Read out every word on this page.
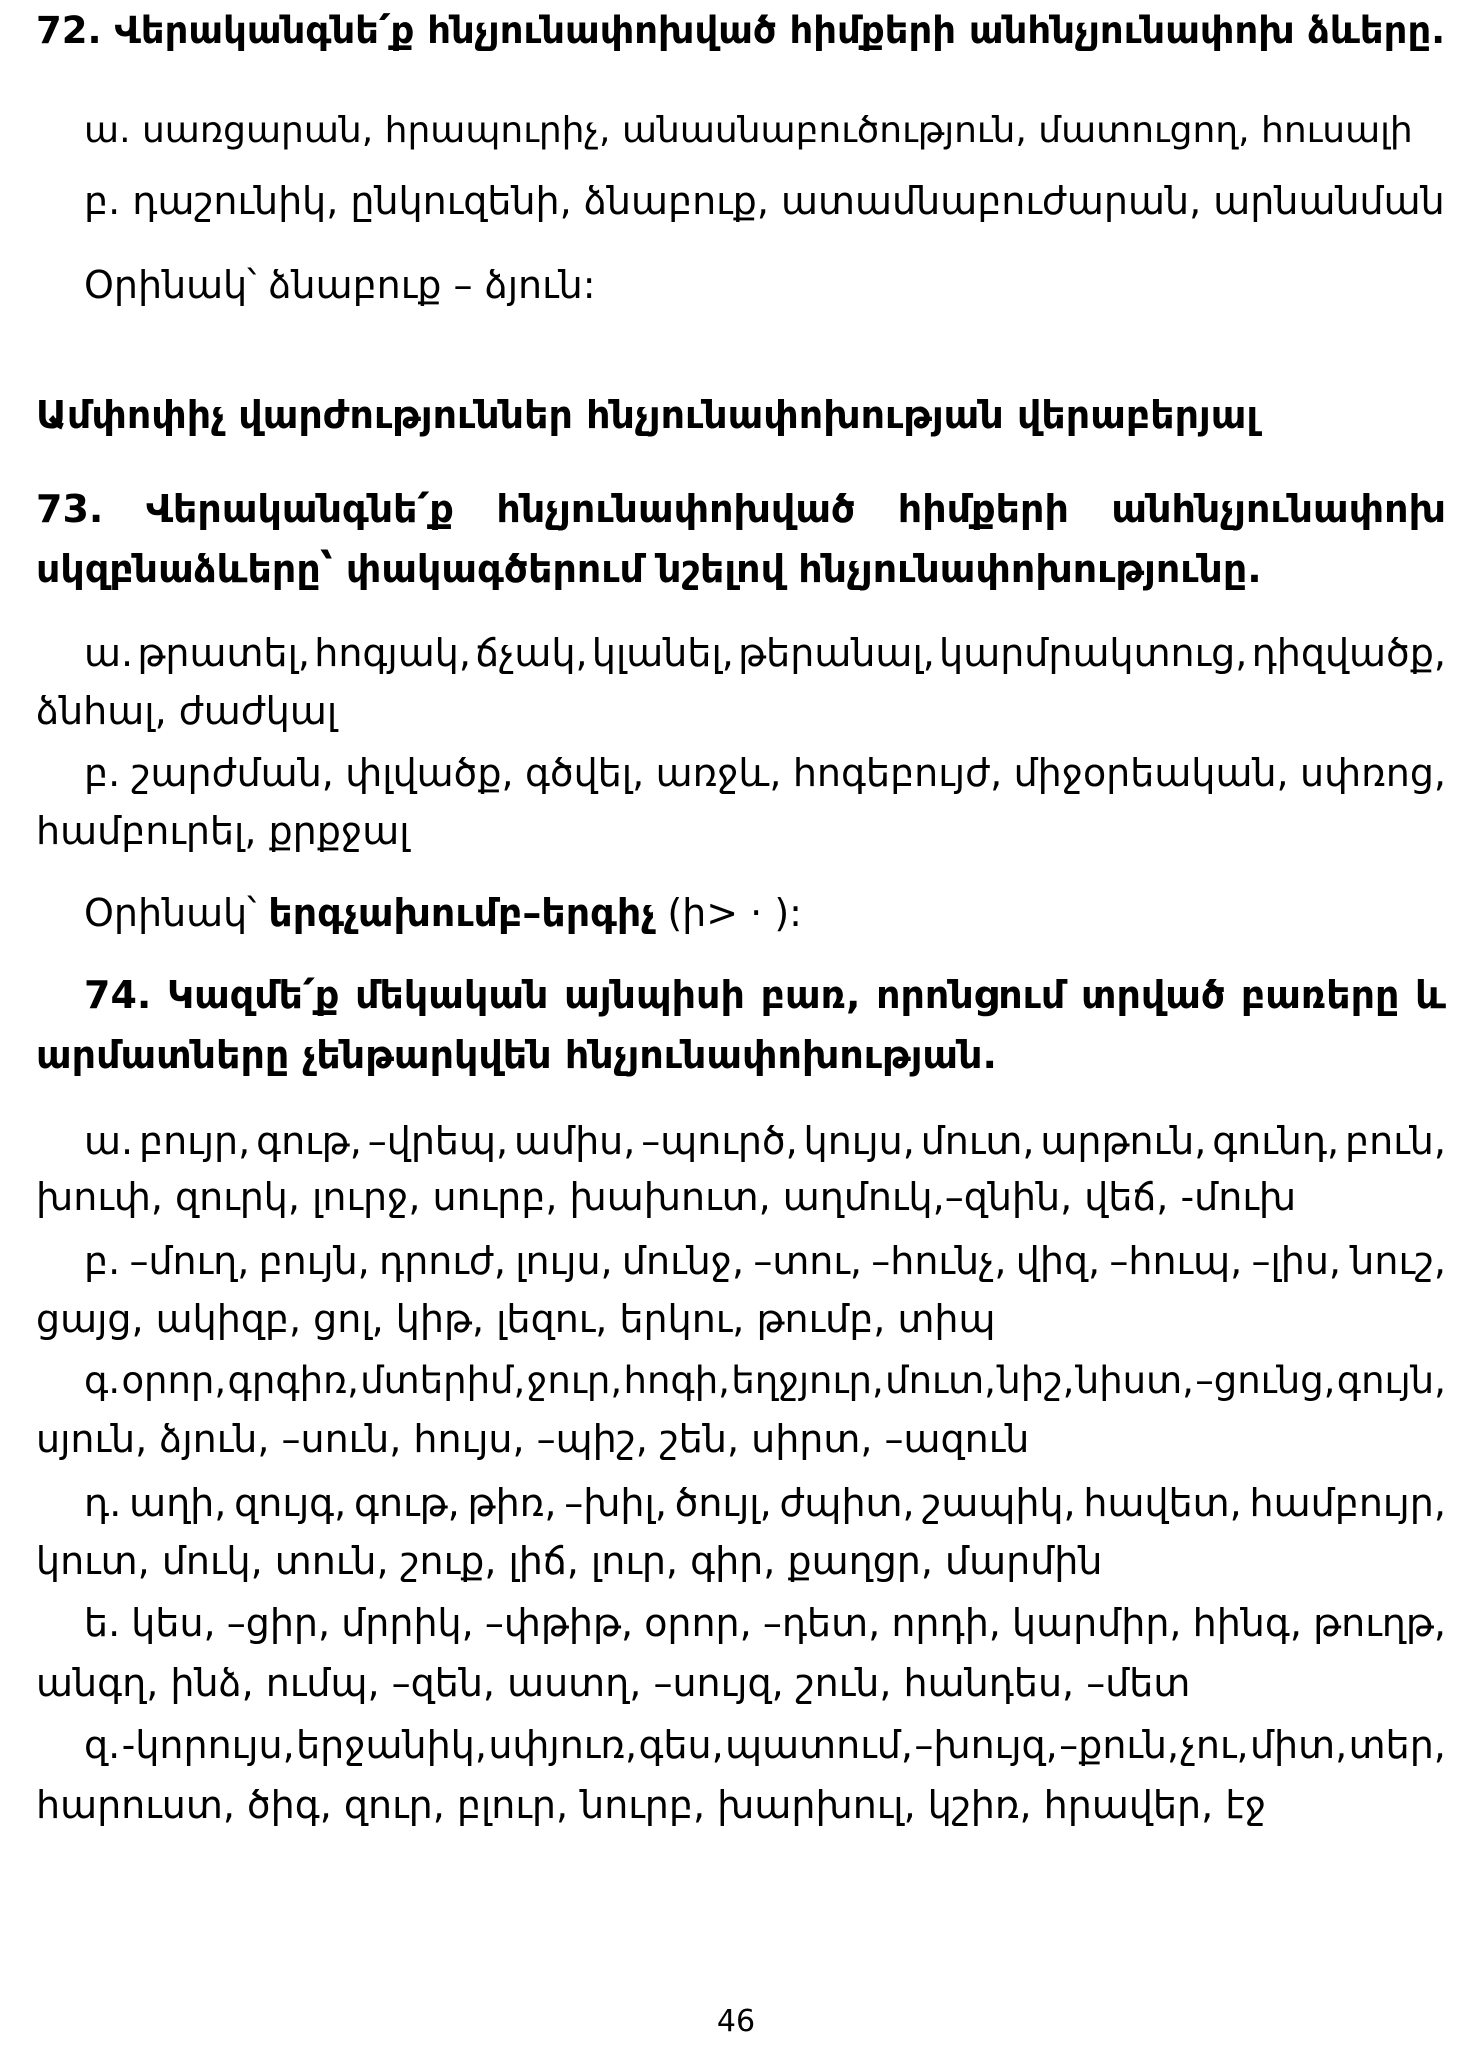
72. Վերականգնե՛ք հնչյունափոխված հիմքերի անհնչյունափոխ ձևերը.
ա. սառցարան, հրապուրիչ, անասնաբուծություն, մատուցող, հուսալի
բ. դաշունիկ, ընկուզենի, ձնաբուք, ատամնաբուժարան, արնանման
Օրինակ՝ ձնաբուք – ձյուն:
Ամփոփիչ վարժություններ հնչյունափոխության վերաբերյալ
73. Վերականգնե՛ք հնչյունափոխված հիմքերի անհնչյունափոխ
սկզբնաձևերը՝ փակագծերում նշելով հնչյունափոխությունը.
ա. թրատել, հոգյակ, ճչակ, կլանել, թերանալ, կարմրակտուց, դիզվածք,
ձնհալ, ժաժկալ
բ. շարժման, փլվածք, գծվել, առջև, հոգեբույժ, միջօրեական, սփռոց,
համբուրել, քրքջալ
Օրինակ՝ երգչախումբ–երգիչ (ի> · ):
74. Կազմե՛ք մեկական այնպիսի բառ, որոնցում տրված բառերը և
արմատները չենթարկվեն հնչյունափոխության.
ա. բույր, գութ, –վրեպ, ամիս, –պուրծ, կույս, մուտ, արթուն, գունդ, բուն,
խուփ, զուրկ, լուրջ, սուրբ, խախուտ, աղմուկ,–զնին, վեճ, -մուխ
բ. –մուղ, բույն, դրուժ, լույս, մունջ, –տու, –հունչ, վիզ, –հուպ, –լիս, նուշ,
ցայց, ակիզբ, ցոլ, կիթ, լեզու, երկու, թումբ, տիպ
գ. օրոր, գրգիռ, մտերիմ, ջուր, հոգի, եղջյուր, մուտ, նիշ, նիստ, –ցունց, գույն,
սյուն, ձյուն, –սուն, հույս, –պիշ, շեն, սիրտ, –ազուն
դ. աղի, զույգ, գութ, թիռ, –խիլ, ծույլ, ժպիտ, շապիկ, հավետ, համբույր,
կուտ, մուկ, տուն, շուք, լիճ, լուր, գիր, քաղցր, մարմին
ե. կես, –ցիր, մրրիկ, –փթիթ, օրոր, –դետ, որդի, կարմիր, հինգ, թուղթ,
անգղ, ինձ, ումպ, –զեն, աստղ, –սույզ, շուն, հանդես, –մետ
զ. -կորույս, երջանիկ, սփյուռ, գես, պատում, –խույզ, –քուն, չու, միտ, տեր,
հարուստ, ծիգ, զուր, բլուր, նուրբ, խարխուլ, կշիռ, հրավեր, էջ
46
